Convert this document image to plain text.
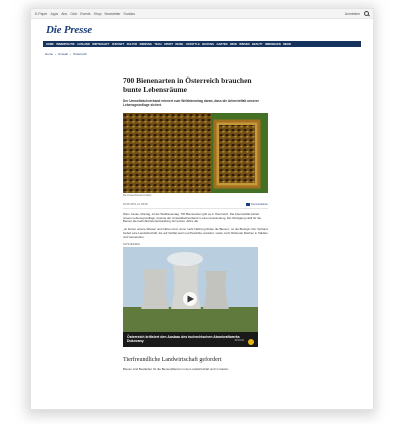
E-Paper Apps Abo Club Events Shop Newsletter Sudoku	Anmelden
Die Presse
HOME INNENPOLITIK AUSLAND WIRTSCHAFT ZUKUNFT KULTUR MEINUNG TECH SPORT REISE LIFESTYLE BILDUNG GARTEN WEIN WISSEN BEAUTY IMMOBILIEN MEHR
Home › Umwelt › Österreich
700 Bienenarten in Österreich brauchen bunte Lebensräume
Der Umweltdachverband erinnert zum Weltbienentag daran, dass die Artenvielfalt unserer Lebensgrundlage sichert.
Die Presse/Clemens Fabry
20.05.2019 um 09:48	Kommentieren

Wien. Heute, Montag, ist der Weltbienentag. 700 Bienenarten gibt es in Österreich. Die Artenvielfalt sichert unsere Lebensgrundlage, betonte der Umweltdachverband in einer Aussendung. Der Rückgang stellt für die Bienen die bedrohlichste Entwicklung der letzten Jahre dar.

„Je bunter unsere Wiesen und Gärten sind, umso mehr Nahrung finden die Bienen“, so die Biologin. Der Verband fordert eine Landwirtschaft, die auf Vielfalt setzt und Pestizide reduziert, sowie mehr blühende Flächen in Städten und Gemeinden.

SCHLIESSEN
Österreich kritisiert den Ausbau des tschechischen Atomkraftwerks Dukovany	00:01:02
Tierfreundliche Landwirtschaft gefordert

Bienen sind Bestäuber für die Bienenpflanzen in der Landwirtschaft und im Garten.
